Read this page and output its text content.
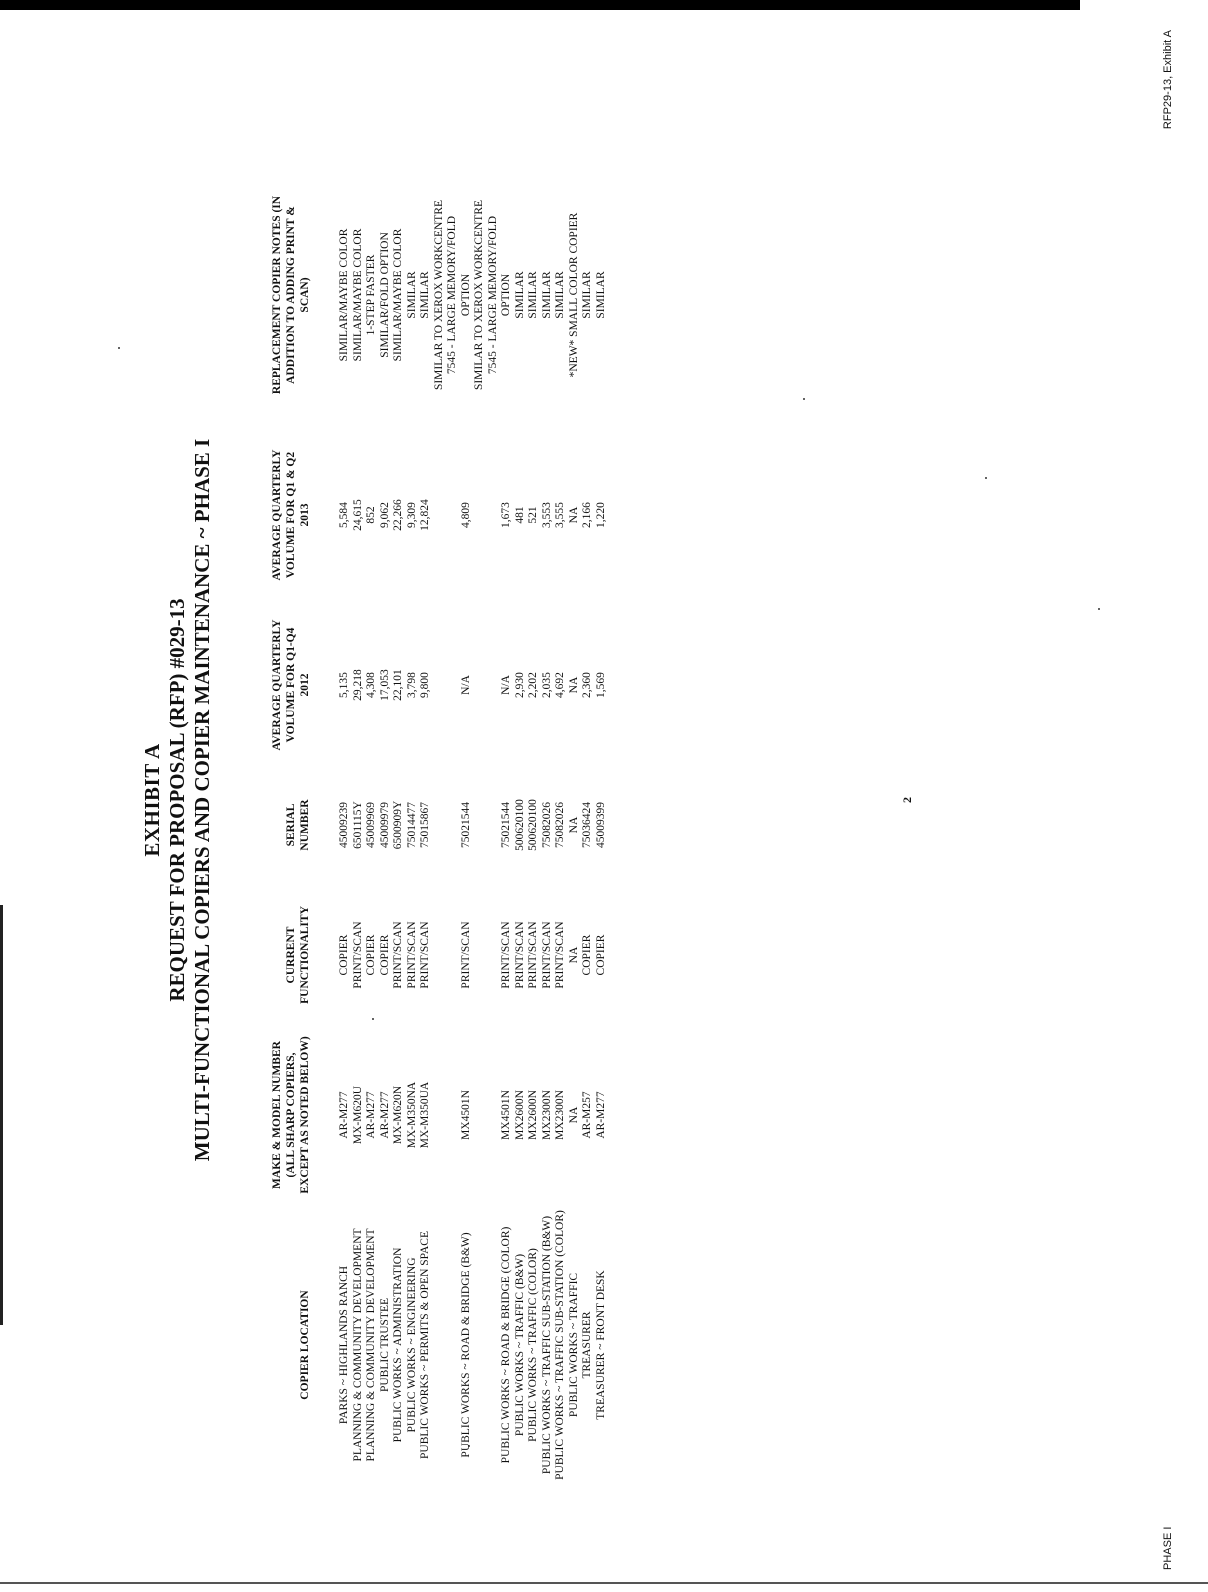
EXHIBIT A REQUEST FOR PROPOSAL (RFP) #029-13 MULTI-FUNCTIONAL COPIERS AND COPIER MAINTENANCE ~ PHASE I
COPIER LOCATION
MAKE & MODEL NUMBER (ALL SHARP COPIERS, EXCEPT AS NOTED BELOW)
CURRENT FUNCTIONALITY
SERIAL NUMBER
AVERAGE QUARTERLY VOLUME FOR Q1-Q4 2012
AVERAGE QUARTERLY VOLUME FOR Q1 & Q2 2013
REPLACEMENT COPIER NOTES (IN ADDITION TO ADDING PRINT & SCAN)
PARKS ~ HIGHLANDS RANCH
AR-M277
COPIER
45009239
5,135
5,584
SIMILAR/MAYBE COLOR
PLANNING & COMMUNITY DEVELOPMENT
MX-M620U
PRINT/SCAN
6501115Y
29,218
24,615
SIMILAR/MAYBE COLOR
PLANNING & COMMUNITY DEVELOPMENT
AR-M277
COPIER
45009969
4,308
852
1-STEP FASTER
PUBLIC TRUSTEE
AR-M277
COPIER
45009979
17,053
9,062
SIMILAR/FOLD OPTION
PUBLIC WORKS ~ ADMINISTRATION
MX-M620N
PRINT/SCAN
6500909Y
22,101
22,266
SIMILAR/MAYBE COLOR
PUBLIC WORKS ~ ENGINEERING
MX-M350NA
PRINT/SCAN
75014477
3,798
9,309
SIMILAR
PUBLIC WORKS ~ PERMITS & OPEN SPACE
MX-M350UA
PRINT/SCAN
75015867
9,800
12,824
SIMILAR SIMILAR TO XEROX WORKCENTRE 7545 - LARGE MEMORY/FOLD
PUBLIC WORKS ~ ROAD & BRIDGE (B&W)
MX4501N
PRINT/SCAN
75021544
N/A
4,809
OPTION SIMILAR TO XEROX WORKCENTRE 7545 - LARGE MEMORY/FOLD
PUBLIC WORKS ~ ROAD & BRIDGE (COLOR)
MX4501N
PRINT/SCAN
75021544
N/A
1,673
OPTION
PUBLIC WORKS ~ TRAFFIC (B&W)
MX2600N
PRINT/SCAN
500620100
2,930
481
SIMILAR
PUBLIC WORKS ~ TRAFFIC (COLOR)
MX2600N
PRINT/SCAN
500620100
2,202
521
SIMILAR
PUBLIC WORKS ~ TRAFFIC SUB-STATION (B&W)
MX2300N
PRINT/SCAN
75082026
2,035
3,553
SIMILAR
PUBLIC WORKS ~ TRAFFIC SUB-STATION (COLOR)
MX2300N
PRINT/SCAN
75082026
4,692
3,555
SIMILAR
PUBLIC WORKS ~ TRAFFIC
NA
NA
NA
NA
NA
*NEW* SMALL COLOR COPIER
TREASURER
AR-M257
COPIER
75036424
2,360
2,166
SIMILAR
TREASURER ~ FRONT DESK
AR-M277
COPIER
45009399
1,569
1,220
SIMILAR
2
PHASE I
RFP29-13, Exhibit A
